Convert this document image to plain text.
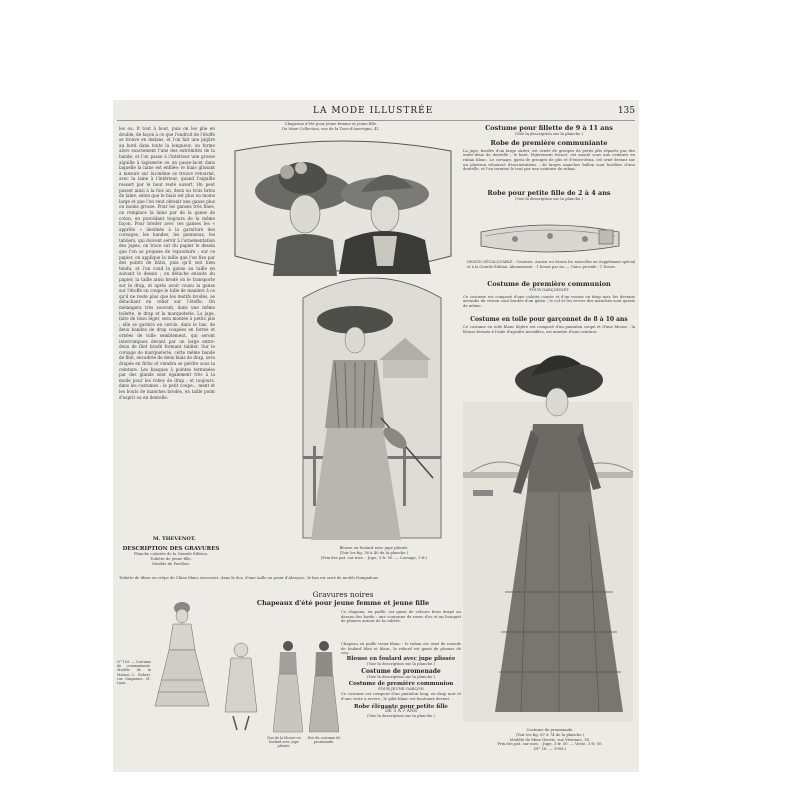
LA MODE ILLUSTRÉE	135
les ou. It tout à bout, puis on les plie en double, de façon à ce que l'endroit de l'étoffe se trouve en dedans, et l'on fait une piqûre au bord dans toute la longueur; on forme alors exactement l'une des extrémités de la bande, et l'on passe à l'intérieur une grosse aiguille à tapisserie ou un passe-lacet dans laquelle la laine est enfilée; le biais glissant à mesure sur lui-même se trouve retourné, avec la laine à l'intérieur, quand l'aiguille ressort par le bout resté ouvert. On peut passer ainsi à la fois un, deux ou trois brins de laine, selon que le biais est plus ou moins large et que l'on veut obtenir une ganse plus ou moins grosse. Pour les ganses très fines, on remplace la laine par de la ganse de coton, en procédant toujours de la même façon. Pour broder avec ces ganses les « apprêts » destinés à la garniture des corsages, les bandes, les panneaux, les tabliers, qui doivent servir à l'ornementation des jupes, on trace sur du papier le dessin que l'on se propose de reproduire : sur ce papier, on applique la taille que l'on fixe par des points de bâtis, puis qu'il soit bien tendu, et l'on coud la ganse au taille en suivant le dessin ; on détache ensuite du papier, la taille ainsi brodé on le transporte sur le drap, et après avoir cousu la ganse sur l'étoffe on coupe le tulle de manière à ce qu'il ne reste plus que les motifs brodés, se détachant en relief sur l'étoffe. On mélangera très souvent, dans une même toilette, le drap et la marqueterie. La jupe, faite de tissu léger, sera montée à petits plis ; elle se garnira en cercle, dans le bas, de deux bandes de drap coupées en forme et ornées de tulle semblement, qui seront interrompues devant par un large entre-deux de filet brodé formant tablier. Sur le corsage de marqueterie, cette même bande de filet, encadrée de deux biais de drap, sera drapée en fichu et viendra se perdre sous la ceinture. Les basques à pointes terminées par des glands sont également très à la mode pour les robes de drap ; et toujours, dans les costumes : le petit coupe... ment et les bouts de manches brodés, en taille point d'esprit ou en dentelle.
M. THEVENOT.
Chapeaux d'été pour jeune femme et jeune fille.
De Mme Collection, rue de la Tour-d'Auvergne, 41.	Costume pour fillette de 9 à 11 ans
(Voir la description sur la planche.)
Robe de première communiante
La jupe, bordée d'un large ourlet, est ornée de groupes de petits plis séparés par des entre-deux de dentelle ; le haut, légèrement froncé, est monté sous une ceinture en ruban blanc. Le corsage, garni de groupes de plis et d'entre-deux, est orné devant sur un plastron rehaussé d'incrustations ; de larges manches ballon sont bordées d'une dentelle, et l'on termine le tout par une ceinture de ruban.
Robe pour petite fille de 2 à 4 ans
(Voir la description sur la planche.)
DESSIN DÉCALQUABLE : Ceinture. Ancien roi dessin les nouvelles en Supplément spécial et à la Grande Édition. Abonnement : 1 Douze par an. — Unico provide : 1 Douze.
Costume de première communion
POUR GARÇONNET
Ce costume est composé d'une culotte courte et d'un veston en drap noir, les devants arrondis du veston sont bordés d'un galon ; le col et les revers des manches sont garnis de même.
Costume en toile pour garçonnet de 8 à 10 ans
Ce costume en toile blanc légère est composé d'un pantalon coupé et d'une blouse ; la blouse fermée à l'aide d'agrafes invisibles, est montée d'une ceinture.
Blouse en foulard avec jupe plissée.
(Voir les fig. 36 à 40 de la planche.)
(Prix des pat. sur mes. : Jupe, 3 fr. 50. — Corsage, 3 fr.)
Costume de promenade.
(Voir les fig. 67 à 74 de la planche.)
Modèle de Mme Geerts, rue Vivienne, 18.
Prix des pat. sur mes. : Jupe, 3 fr. 50. — Veste, 3 fr. 50.
(N° 18. — 1908.)
DESCRIPTION DES GRAVURES
Planche coloriée de la Grande Édition.
Toilette de jeune fille.
Modèle de Pavillon.
Toilette de dîner en crêpe de Chine blanc recouvert, dans le dos, d'une taille en point d'Alençon ; le bas est orné de motifs Pompadour.
Gravures noires
Chapeaux d'été pour jeune femme et jeune fille
Ce chapeau, en paille, est garni de velours brun drapé au dessus des bords : une couronne de roses d'or et un bouquet de plumes autour de la calotte.
Chapeau en paille vieux blanc : le ruban est orné de noeuds de foulard bleu et blanc, le rebord est garni de plumes de coq.
Blouse en foulard avec jupe plissée
(Voir la description sur la planche.)
Costume de promenade
(Voir la description sur la planche.)
Costume de première communion
POUR JEUNE GARÇON
Ce costume est composé d'un pantalon long, en drap noir et d'une veste à revers ; le gilet blanc est boutonné devant.
Robe élégante pour petite fille
DE 5 A 7 ANS
(Voir la description sur la planche.)
N° 103. — Costume de communiante. Modèle de la Maison L. Robert, rue Gasparine, 31, Lyon.
Dos de la blouse en foulard avec jupe plissée.
Dos du costume de promenade.
